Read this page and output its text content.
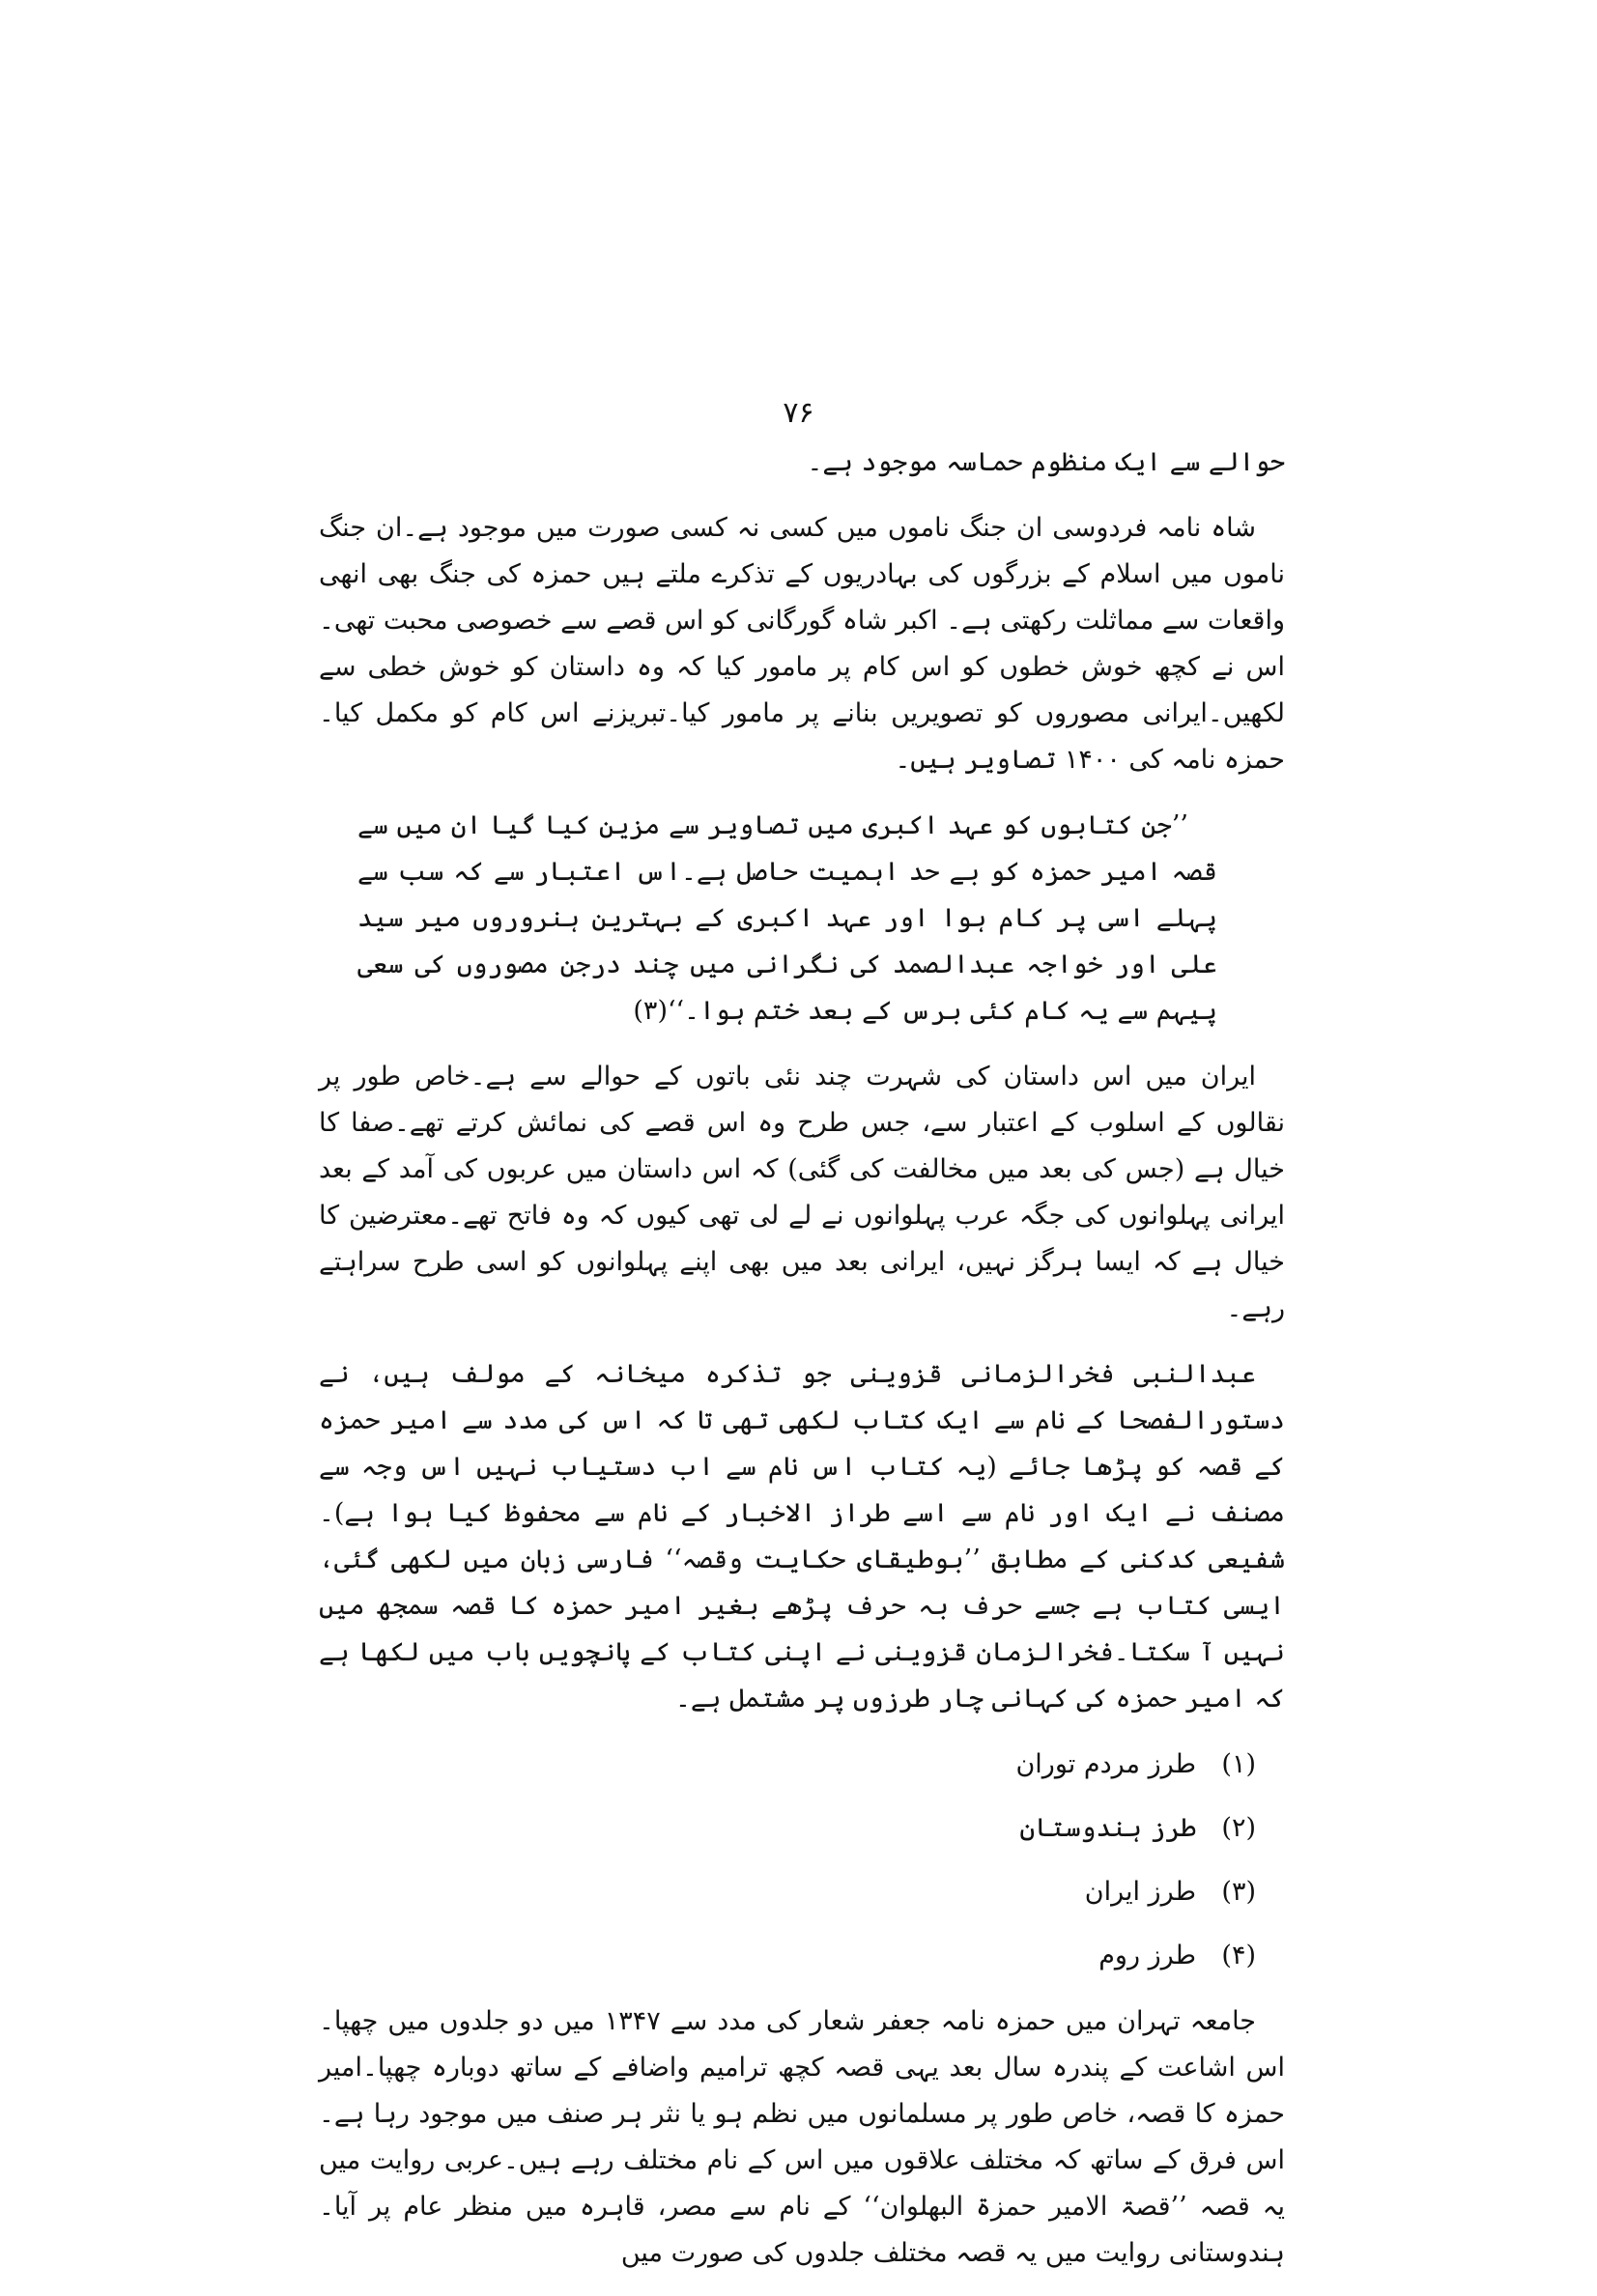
۷۶

حوالے سے ایک منظوم حماسہ موجود ہے۔

شاہ نامہ فردوسی ان جنگ ناموں میں کسی نہ کسی صورت میں موجود ہے۔ان جنگ ناموں میں اسلام کے بزرگوں کی بہادریوں کے تذکرے ملتے ہیں حمزہ کی جنگ بھی انھی واقعات سے مماثلت رکھتی ہے۔ اکبر شاہ گورگانی کو اس قصے سے خصوصی محبت تھی۔اس نے کچھ خوش خطوں کو اس کام پر مامور کیا کہ وہ داستان کو خوش خطی سے لکھیں۔ایرانی مصوروں کو تصویریں بنانے پر مامور کیا۔تبریزنے اس کام کو مکمل کیا۔حمزہ نامہ کی ۱۴۰۰ تصاویر ہیں۔

’’جن کتابوں کو عہد اکبری میں تصاویر سے مزین کیا گیا ان میں سے قصہ امیر حمزہ کو بے حد اہمیت حاصل ہے۔اس اعتبار سے کہ سب سے پہلے اسی پر کام ہوا اور عہد اکبری کے بہترین ہنروروں میر سید علی اور خواجہ عبدالصمد کی نگرانی میں چند درجن مصوروں کی سعی پیہم سے یہ کام کئی برس کے بعد ختم ہوا۔‘‘(۳)

ایران میں اس داستان کی شہرت چند نئی باتوں کے حوالے سے ہے۔خاص طور پر نقالوں کے اسلوب کے اعتبار سے، جس طرح وہ اس قصے کی نمائش کرتے تھے۔صفا کا خیال ہے (جس کی بعد میں مخالفت کی گئی) کہ اس داستان میں عربوں کی آمد کے بعد ایرانی پہلوانوں کی جگہ عرب پہلوانوں نے لے لی تھی کیوں کہ وہ فاتح تھے۔معترضین کا خیال ہے کہ ایسا ہرگز نہیں، ایرانی بعد میں بھی اپنے پہلوانوں کو اسی طرح سراہتے رہے۔

عبدالنبی فخرالزمانی قزوینی جو تذکرہ میخانہ کے مولف ہیں، نے دستورالفصحا کے نام سے ایک کتاب لکھی تھی تا کہ اس کی مدد سے امیر حمزہ کے قصہ کو پڑھا جائے (یہ کتاب اس نام سے اب دستیاب نہیں اس وجہ سے مصنف نے ایک اور نام سے اسے طراز الاخبار کے نام سے محفوظ کیا ہوا ہے)۔شفیعی کدکنی کے مطابق ’’بوطیقای حکایت وقصہ‘‘ فارسی زبان میں لکھی گئی، ایسی کتاب ہے جسے حرف بہ حرف پڑھے بغیر امیر حمزہ کا قصہ سمجھ میں نہیں آ سکتا۔فخرالزمان قزوینی نے اپنی کتاب کے پانچویں باب میں لکھا ہے کہ امیر حمزہ کی کہانی چار طرزوں پر مشتمل ہے۔

(۱)طرز مردم توران
(۲)طرز ہندوستان
(۳)طرز ایران
(۴)طرز روم

جامعہ تہران میں حمزہ نامہ جعفر شعار کی مدد سے ۱۳۴۷ میں دو جلدوں میں چھپا۔اس اشاعت کے پندرہ سال بعد یہی قصہ کچھ ترامیم واضافے کے ساتھ دوبارہ چھپا۔امیر حمزہ کا قصہ، خاص طور پر مسلمانوں میں نظم ہو یا نثر ہر صنف میں موجود رہا ہے۔اس فرق کے ساتھ کہ مختلف علاقوں میں اس کے نام مختلف رہے ہیں۔عربی روایت میں یہ قصہ ’’قصۃ الامیر حمزۃ البھلوان‘‘ کے نام سے مصر، قاہرہ میں منظر عام پر آیا۔ہندوستانی روایت میں یہ قصہ مختلف جلدوں کی صورت میں
